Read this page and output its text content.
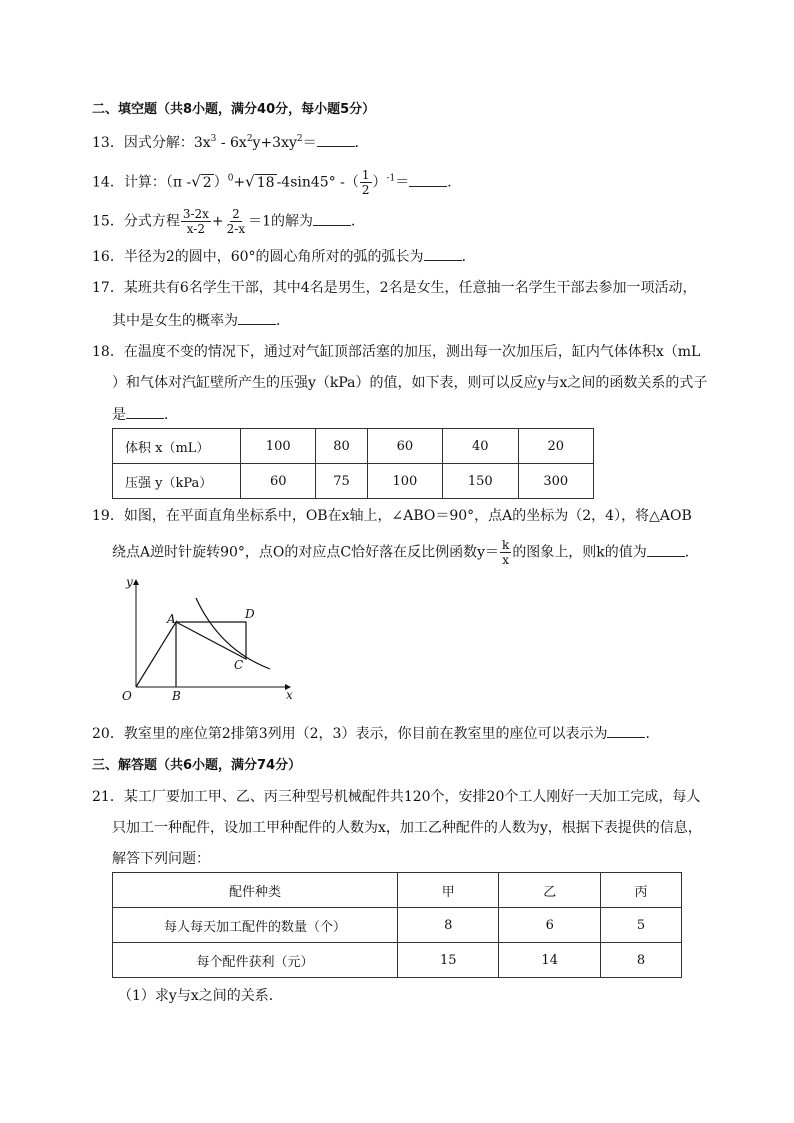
二、填空题（共8小题，满分40分，每小题5分）
13．因式分解：$3x^3 - 6x^2y+3xy^2=$	．
14．计算：（π -√ 2 ）$^0$+√ 18 -4sin45° -（ $\frac{1}{2} )^{-1}=$	．
15．分式方程 $\frac{3-2x}{x-2} + \frac{2}{2-x} =1$的解为	．
16．半径为2的圆中，60°的圆心角所对的弧的弧长为	．
17．某班共有6名学生干部，其中4名是男生，2名是女生，任意抽一名学生干部去参加一项活动，
其中是女生的概率为	．
18．在温度不变的情况下，通过对气缸顶部活塞的加压，测出每一次加压后，缸内气体体积x（mL
）和气体对汽缸壁所产生的压强y（kPa）的值，如下表，则可以反应y与x之间的函数关系的式子
是	．
体积 x（mL）	100	80	60	40	20
压强 y（kPa）	60	75	100	150	300
19．如图，在平面直角坐标系中，OB在x轴上，∠ABO＝90°，点A的坐标为（2，4），将△AOB
绕点A逆时针旋转90°，点O的对应点C恰好落在反比例函数$y= \frac{k}{x}$ 的图象上，则k的值为	．
y
x
O
A
B
C
D
20．教室里的座位第2排第3列用（2，3）表示，你目前在教室里的座位可以表示为	．
三、解答题（共6小题，满分74分）
21．某工厂要加工甲、乙、丙三种型号机械配件共120个，安排20个工人刚好一天加工完成，每人
只加工一种配件，设加工甲种配件的人数为x，加工乙种配件的人数为y，根据下表提供的信息，
解答下列问题：
配件种类	甲	乙	丙
每人每天加工配件的数量（个）	8	6	5
每个配件获利（元）	15	14	8
（1）求y与x之间的关系．
